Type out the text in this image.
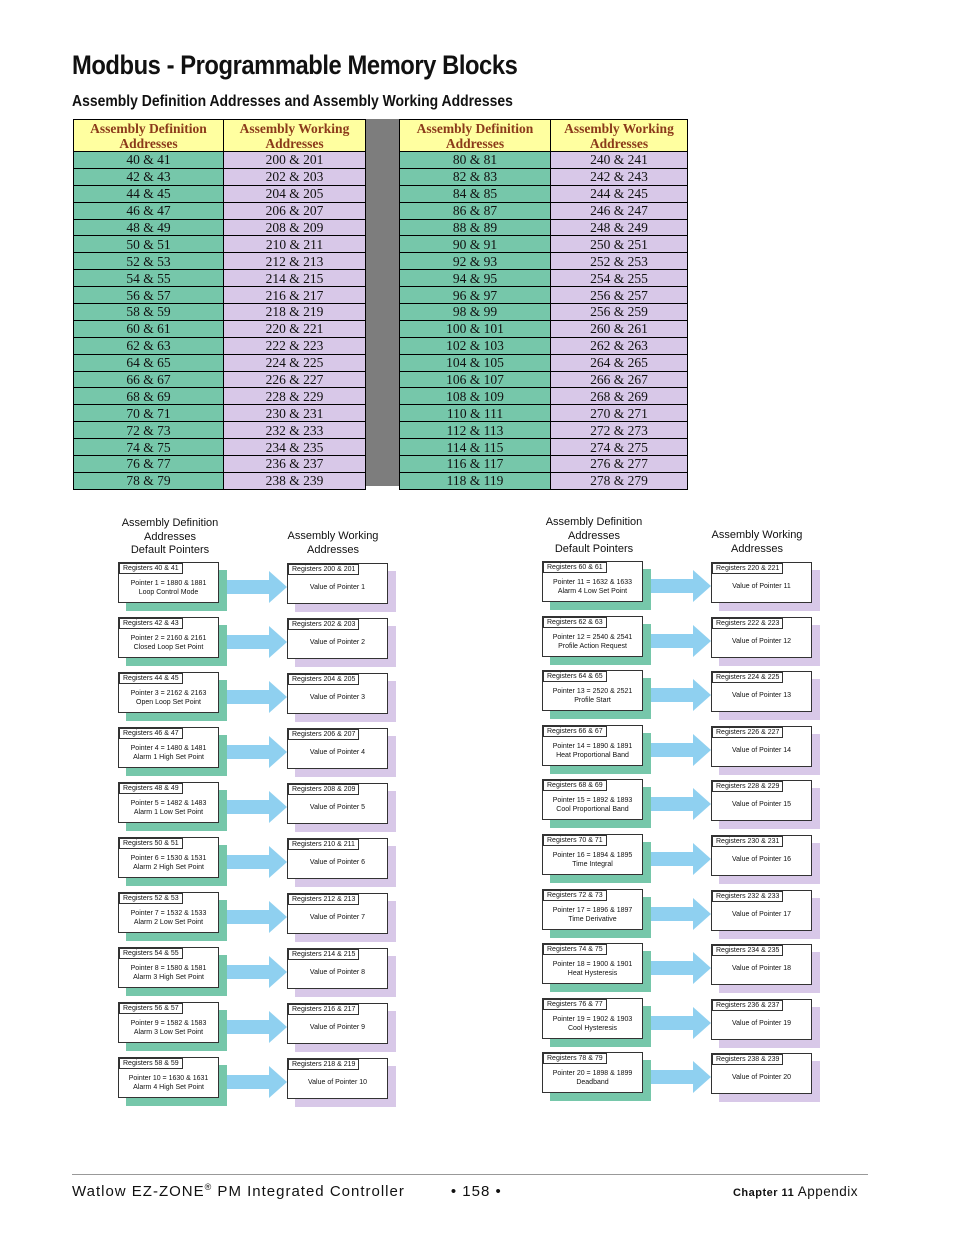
Modbus - Programmable Memory Blocks
Assembly Definition Addresses and Assembly Working Addresses
Assembly Definition Addresses	Assembly Working Addresses
40 & 41	200 & 201
42 & 43	202 & 203
44 & 45	204 & 205
46 & 47	206 & 207
48 & 49	208 & 209
50 & 51	210 & 211
52 & 53	212 & 213
54 & 55	214 & 215
56 & 57	216 & 217
58 & 59	218 & 219
60 & 61	220 & 221
62 & 63	222 & 223
64 & 65	224 & 225
66 & 67	226 & 227
68 & 69	228 & 229
70 & 71	230 & 231
72 & 73	232 & 233
74 & 75	234 & 235
76 & 77	236 & 237
78 & 79	238 & 239
Assembly Definition Addresses	Assembly Working Addresses
80 & 81	240 & 241
82 & 83	242 & 243
84 & 85	244 & 245
86 & 87	246 & 247
88 & 89	248 & 249
90 & 91	250 & 251
92 & 93	252 & 253
94 & 95	254 & 255
96 & 97	256 & 257
98 & 99	256 & 259
100 & 101	260 & 261
102 & 103	262 & 263
104 & 105	264 & 265
106 & 107	266 & 267
108 & 109	268 & 269
110 & 111	270 & 271
112 & 113	272 & 273
114 & 115	274 & 275
116 & 117	276 & 277
118 & 119	278 & 279
Assembly Definition
Addresses
Default Pointers
Assembly Working
Addresses
Registers 40 & 41
Pointer 1 = 1880 & 1881
Loop Control Mode
Registers 200 & 201
Value of Pointer 1
Registers 42 & 43
Pointer 2 = 2160 & 2161
Closed Loop Set Point
Registers 202 & 203
Value of Pointer 2
Registers 44 & 45
Pointer 3 = 2162 & 2163
Open Loop Set Point
Registers 204 & 205
Value of Pointer 3
Registers 46 & 47
Pointer 4 = 1480 & 1481
Alarm 1 High Set Point
Registers 206 & 207
Value of Pointer 4
Registers 48 & 49
Pointer 5 = 1482 & 1483
Alarm 1 Low Set Point
Registers 208 & 209
Value of Pointer 5
Registers 50 & 51
Pointer 6 = 1530 & 1531
Alarm 2 High Set Point
Registers 210 & 211
Value of Pointer 6
Registers 52 & 53
Pointer 7 = 1532 & 1533
Alarm 2 Low Set Point
Registers 212 & 213
Value of Pointer 7
Registers 54 & 55
Pointer 8 = 1580 & 1581
Alarm 3 High Set Point
Registers 214 & 215
Value of Pointer 8
Registers 56 & 57
Pointer 9 = 1582 & 1583
Alarm 3 Low Set Point
Registers 216 & 217
Value of Pointer 9
Registers 58 & 59
Pointer 10 = 1630 & 1631
Alarm 4 High Set Point
Registers 218 & 219
Value of Pointer 10
Assembly Definition
Addresses
Default Pointers
Assembly Working
Addresses
Registers 60 & 61
Pointer 11 = 1632 & 1633
Alarm 4 Low Set Point
Registers 220 & 221
Value of Pointer 11
Registers 62 & 63
Pointer 12 = 2540 & 2541
Profile Action Request
Registers 222 & 223
Value of Pointer 12
Registers 64 & 65
Pointer 13 = 2520 & 2521
Profile Start
Registers 224 & 225
Value of Pointer 13
Registers 66 & 67
Pointer 14 = 1890 & 1891
Heat Proportional Band
Registers 226 & 227
Value of Pointer 14
Registers 68 & 69
Pointer 15 = 1892 & 1893
Cool Proportional Band
Registers 228 & 229
Value of Pointer 15
Registers 70 & 71
Pointer 16 = 1894 & 1895
Time Integral
Registers 230 & 231
Value of Pointer 16
Registers 72 & 73
Pointer 17 = 1896 & 1897
Time Derivative
Registers 232 & 233
Value of Pointer 17
Registers 74 & 75
Pointer 18 = 1900 & 1901
Heat Hysteresis
Registers 234 & 235
Value of Pointer 18
Registers 76 & 77
Pointer 19 = 1902 & 1903
Cool Hysteresis
Registers 236 & 237
Value of Pointer 19
Registers 78 & 79
Pointer 20 = 1898 & 1899
Deadband
Registers 238 & 239
Value of Pointer 20
Watlow EZ-ZONE® PM Integrated Controller	• 158 •	Chapter 11 Appendix
